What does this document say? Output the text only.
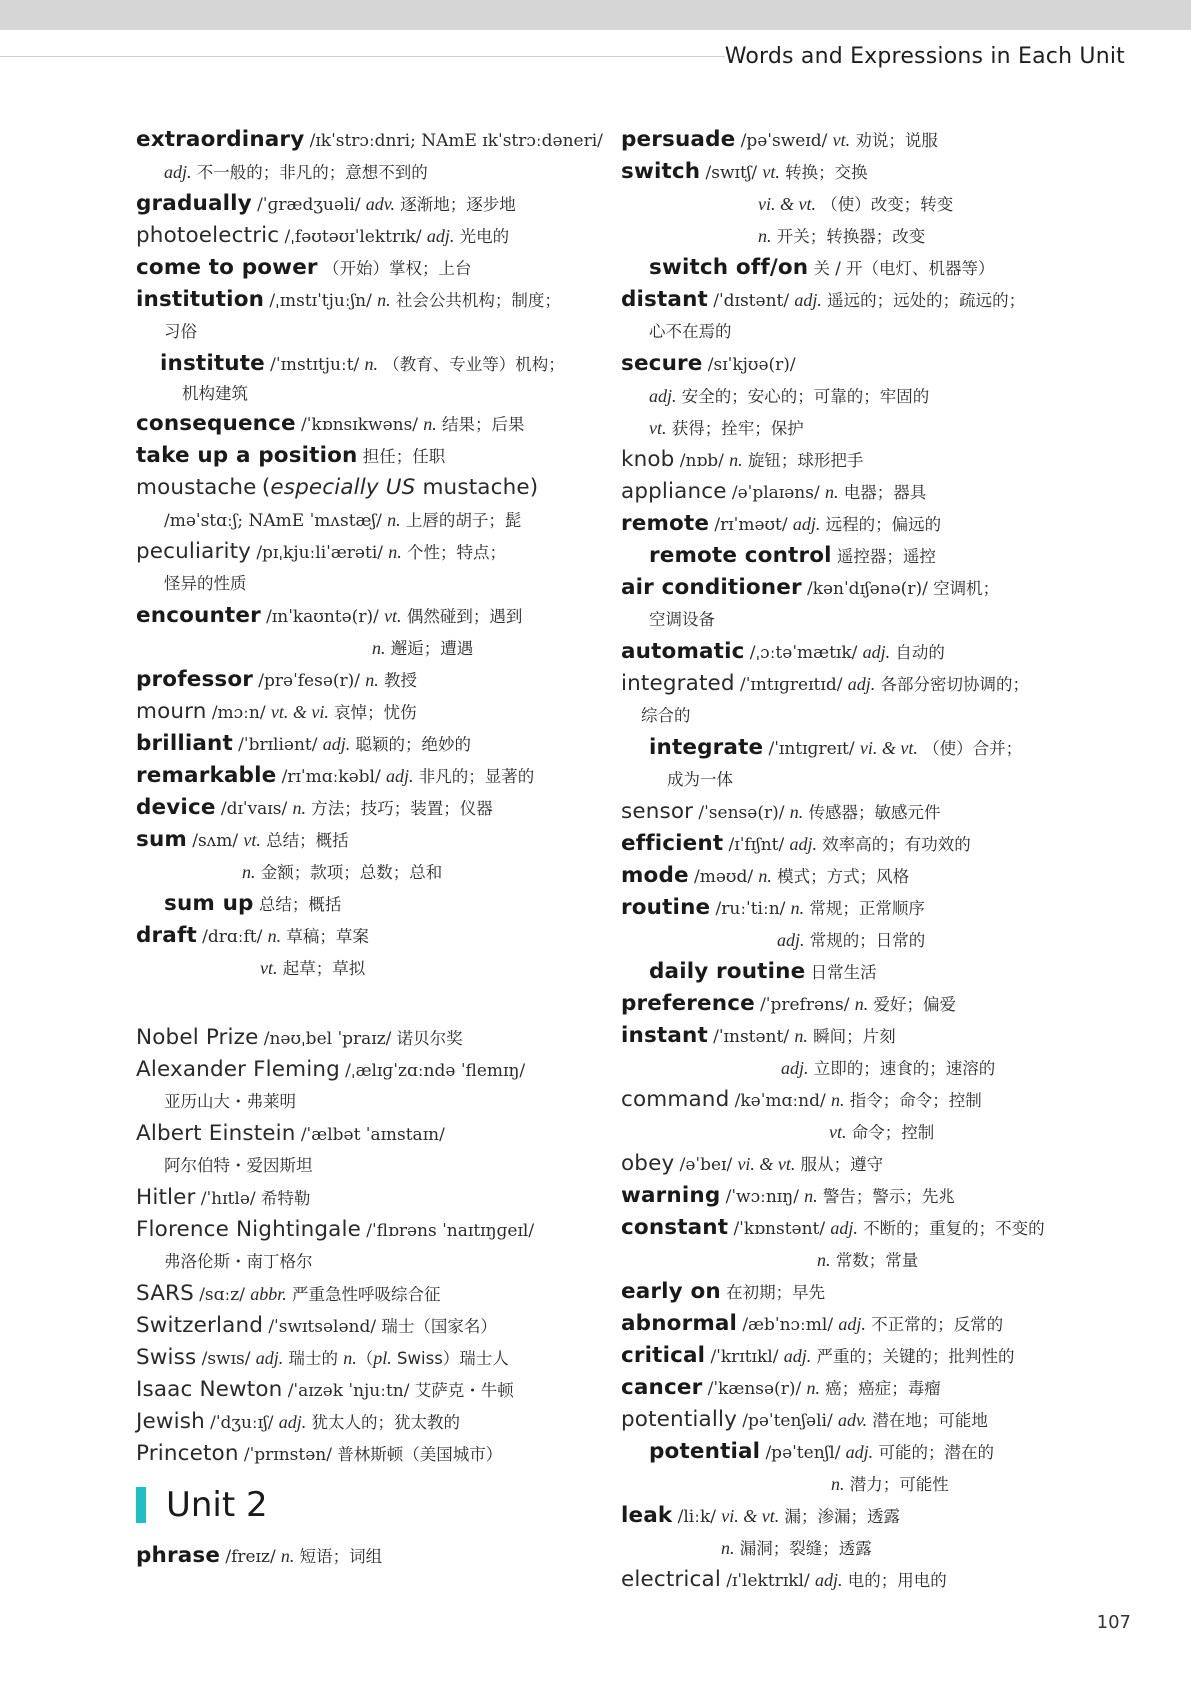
Words and Expressions in Each Unit
extraordinary /ɪkˈstrɔːdnri; NAmE ɪkˈstrɔːdəneri/
adj. 不一般的；非凡的；意想不到的
gradually /ˈɡrædʒuəli/ adv. 逐渐地；逐步地
photoelectric /ˌfəʊtəʊɪˈlektrɪk/ adj. 光电的
come to power （开始）掌权；上台
institution /ˌɪnstɪˈtjuːʃn/ n. 社会公共机构；制度；
习俗
institute /ˈɪnstɪtjuːt/ n. （教育、专业等）机构；
机构建筑
consequence /ˈkɒnsɪkwəns/ n. 结果；后果
take up a position 担任；任职
moustache (especially US mustache)
/məˈstɑːʃ; NAmE ˈmʌstæʃ/ n. 上唇的胡子；髭
peculiarity /pɪˌkjuːliˈærəti/ n. 个性；特点；
怪异的性质
encounter /ɪnˈkaʊntə(r)/ vt. 偶然碰到；遇到
n. 邂逅；遭遇
professor /prəˈfesə(r)/ n. 教授
mourn /mɔːn/ vt. & vi. 哀悼；忧伤
brilliant /ˈbrɪliənt/ adj. 聪颖的；绝妙的
remarkable /rɪˈmɑːkəbl/ adj. 非凡的；显著的
device /dɪˈvaɪs/ n. 方法；技巧；装置；仪器
sum /sʌm/ vt. 总结；概括
n. 金额；款项；总数；总和
sum up 总结；概括
draft /drɑːft/ n. 草稿；草案
vt. 起草；草拟
Nobel Prize /nəʊˌbel ˈpraɪz/ 诺贝尔奖
Alexander Fleming /ˌælɪɡˈzɑːndə ˈflemɪŋ/
亚历山大・弗莱明
Albert Einstein /ˈælbət ˈaɪnstaɪn/
阿尔伯特・爱因斯坦
Hitler /ˈhɪtlə/ 希特勒
Florence Nightingale /ˈflɒrəns ˈnaɪtɪŋɡeɪl/
弗洛伦斯・南丁格尔
SARS /sɑːz/ abbr. 严重急性呼吸综合征
Switzerland /ˈswɪtsələnd/ 瑞士（国家名）
Swiss /swɪs/ adj. 瑞士的 n.（pl. Swiss）瑞士人
Isaac Newton /ˈaɪzək ˈnjuːtn/ 艾萨克・牛顿
Jewish /ˈdʒuːɪʃ/ adj. 犹太人的；犹太教的
Princeton /ˈprɪnstən/ 普林斯顿（美国城市）
Unit 2
phrase /freɪz/ n. 短语；词组
persuade /pəˈsweɪd/ vt. 劝说；说服
switch /swɪtʃ/ vt. 转换；交换
vi. & vt. （使）改变；转变
n. 开关；转换器；改变
switch off/on 关 / 开（电灯、机器等）
distant /ˈdɪstənt/ adj. 遥远的；远处的；疏远的；
心不在焉的
secure /sɪˈkjʊə(r)/
adj. 安全的；安心的；可靠的；牢固的
vt. 获得；拴牢；保护
knob /nɒb/ n. 旋钮；球形把手
appliance /əˈplaɪəns/ n. 电器；器具
remote /rɪˈməʊt/ adj. 远程的；偏远的
remote control 遥控器；遥控
air conditioner /kənˈdɪʃənə(r)/ 空调机；
空调设备
automatic /ˌɔːtəˈmætɪk/ adj. 自动的
integrated /ˈɪntɪɡreɪtɪd/ adj. 各部分密切协调的；
综合的
integrate /ˈɪntɪɡreɪt/ vi. & vt. （使）合并；
成为一体
sensor /ˈsensə(r)/ n. 传感器；敏感元件
efficient /ɪˈfɪʃnt/ adj. 效率高的；有功效的
mode /məʊd/ n. 模式；方式；风格
routine /ruːˈtiːn/ n. 常规；正常顺序
adj. 常规的；日常的
daily routine 日常生活
preference /ˈprefrəns/ n. 爱好；偏爱
instant /ˈɪnstənt/ n. 瞬间；片刻
adj. 立即的；速食的；速溶的
command /kəˈmɑːnd/ n. 指令；命令；控制
vt. 命令；控制
obey /əˈbeɪ/ vi. & vt. 服从；遵守
warning /ˈwɔːnɪŋ/ n. 警告；警示；先兆
constant /ˈkɒnstənt/ adj. 不断的；重复的；不变的
n. 常数；常量
early on 在初期；早先
abnormal /æbˈnɔːml/ adj. 不正常的；反常的
critical /ˈkrɪtɪkl/ adj. 严重的；关键的；批判性的
cancer /ˈkænsə(r)/ n. 癌；癌症；毒瘤
potentially /pəˈtenʃəli/ adv. 潜在地；可能地
potential /pəˈtenʃl/ adj. 可能的；潜在的
n. 潜力；可能性
leak /liːk/ vi. & vt. 漏；渗漏；透露
n. 漏洞；裂缝；透露
electrical /ɪˈlektrɪkl/ adj. 电的；用电的
107
